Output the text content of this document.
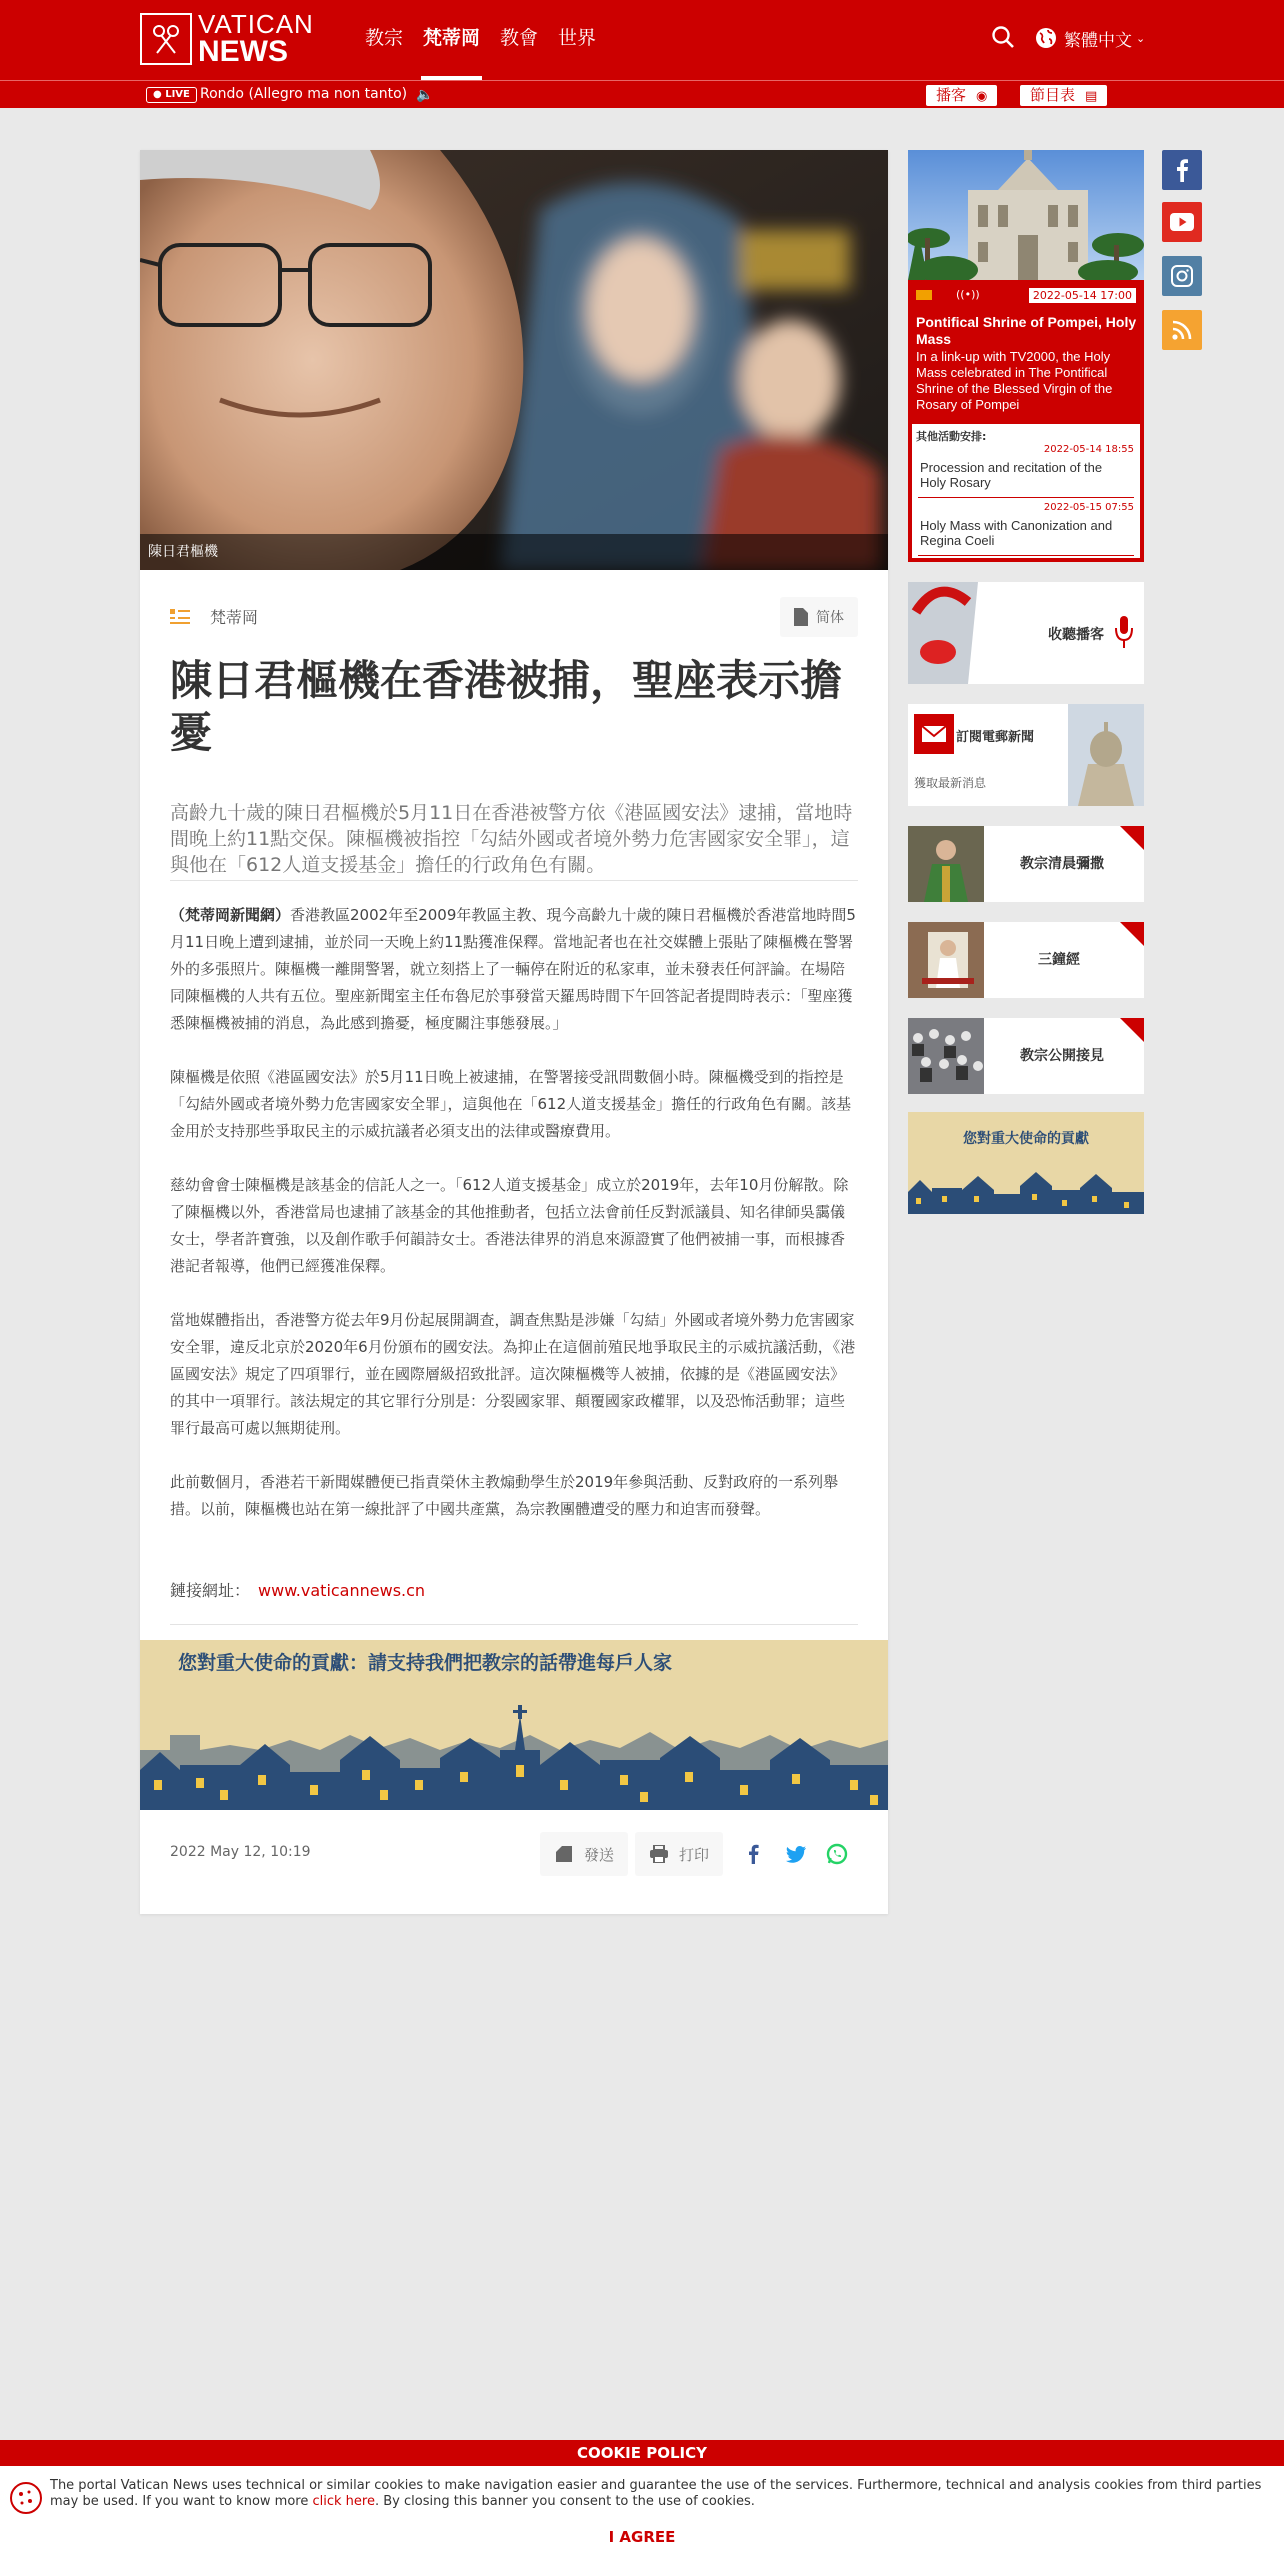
VATICAN
NEWS	教宗	梵蒂岡	教會	世界	繁體中文 ⌄
● LIVE Rondo (Allegro ma non tanto) 🔈	播客 ◉	節目表 ▤
陳日君樞機
梵蒂岡	简体
陳日君樞機在香港被捕，聖座表示擔憂
高齡九十歲的陳日君樞機於5月11日在香港被警方依《港區國安法》逮捕，當地時間晚上約11點交保。陳樞機被指控「勾結外國或者境外勢力危害國家安全罪」，這與他在「612人道支援基金」擔任的行政角色有關。

（梵蒂岡新聞網）香港教區2002年至2009年教區主教、現今高齡九十歲的陳日君樞機於香港當地時間5月11日晚上遭到逮捕，並於同一天晚上約11點獲准保釋。當地記者也在社交媒體上張貼了陳樞機在警署外的多張照片。陳樞機一離開警署，就立刻搭上了一輛停在附近的私家車，並未發表任何評論。在場陪同陳樞機的人共有五位。聖座新聞室主任布魯尼於事發當天羅馬時間下午回答記者提問時表示：「聖座獲悉陳樞機被捕的消息，為此感到擔憂，極度關注事態發展。」

陳樞機是依照《港區國安法》於5月11日晚上被逮捕，在警署接受訊問數個小時。陳樞機受到的指控是「勾結外國或者境外勢力危害國家安全罪」，這與他在「612人道支援基金」擔任的行政角色有關。該基金用於支持那些爭取民主的示威抗議者必須支出的法律或醫療費用。

慈幼會會士陳樞機是該基金的信託人之一。「612人道支援基金」成立於2019年，去年10月份解散。除了陳樞機以外，香港當局也逮捕了該基金的其他推動者，包括立法會前任反對派議員、知名律師吳靄儀女士，學者許寶強，以及創作歌手何韻詩女士。香港法律界的消息來源證實了他們被捕一事，而根據香港記者報導，他們已經獲准保釋。

當地媒體指出，香港警方從去年9月份起展開調查，調查焦點是涉嫌「勾結」外國或者境外勢力危害國家安全罪，違反北京於2020年6月份頒布的國安法。為抑止在這個前殖民地爭取民主的示威抗議活動，《港區國安法》規定了四項罪行，並在國際層級招致批評。這次陳樞機等人被捕，依據的是《港區國安法》的其中一項罪行。該法規定的其它罪行分別是：分裂國家罪、顛覆國家政權罪，以及恐怖活動罪；這些罪行最高可處以無期徒刑。

此前數個月，香港若干新聞媒體便已指責榮休主教煽動學生於2019年參與活動、反對政府的一系列舉措。以前，陳樞機也站在第一線批評了中國共產黨，為宗教團體遭受的壓力和迫害而發聲。

鏈接網址： www.vaticannews.cn
您對重大使命的貢獻：請支持我們把教宗的話帶進每戶人家
2022 May 12, 10:19	發送	打印
((•))	2022-05-14 17:00
Pontifical Shrine of Pompei, Holy Mass
In a link-up with TV2000, the Holy Mass celebrated in The Pontifical Shrine of the Blessed Virgin of the Rosary of Pompei
其他活動安排:
2022-05-14 18:55
Procession and recitation of the Holy Rosary
2022-05-15 07:55
Holy Mass with Canonization and Regina Coeli
收聽播客
訂閱電郵新聞
獲取最新消息
教宗清晨彌撒
三鐘經
教宗公開接見
您對重大使命的貢獻
COOKIE POLICY
The portal Vatican News uses technical or similar cookies to make navigation easier and guarantee the use of the services. Furthermore, technical and analysis cookies from third parties may be used. If you want to know more click here. By closing this banner you consent to the use of cookies.
I AGREE
